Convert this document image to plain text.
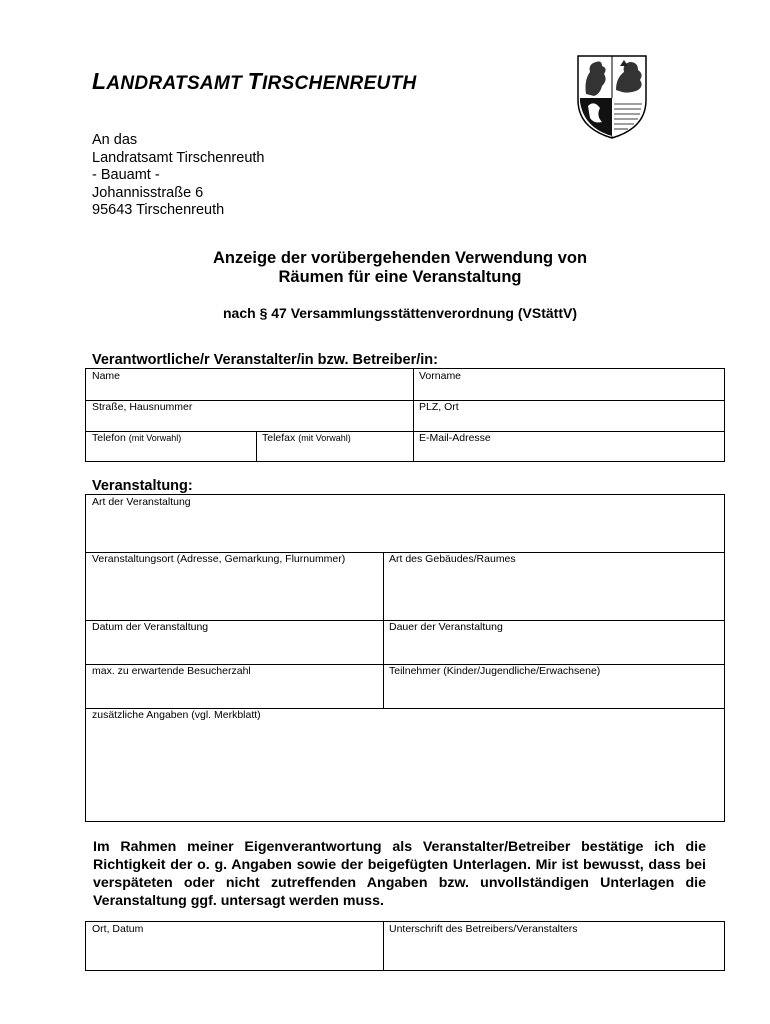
LANDRATSAMT TIRSCHENREUTH
An das
Landratsamt Tirschenreuth
- Bauamt -
Johannisstraße 6
95643 Tirschenreuth
Anzeige der vorübergehenden Verwendung von
Räumen für eine Veranstaltung
nach § 47 Versammlungsstättenverordnung (VStättV)
Verantwortliche/r Veranstalter/in bzw. Betreiber/in:
Name	Vorname
Straße, Hausnummer	PLZ, Ort
Telefon (mit Vorwahl)	Telefax (mit Vorwahl)	E-Mail-Adresse
Veranstaltung:
Art der Veranstaltung
Veranstaltungsort (Adresse, Gemarkung, Flurnummer)	Art des Gebäudes/Raumes
Datum der Veranstaltung	Dauer der Veranstaltung
max. zu erwartende Besucherzahl	Teilnehmer (Kinder/Jugendliche/Erwachsene)
zusätzliche Angaben (vgl. Merkblatt)
Im Rahmen meiner Eigenverantwortung als Veranstalter/Betreiber bestätige ich die Richtigkeit der o. g. Angaben sowie der beigefügten Unterlagen. Mir ist bewusst, dass bei verspäteten oder nicht zutreffenden Angaben bzw. unvollständigen Unterlagen die Veranstaltung ggf. untersagt werden muss.
Ort, Datum	Unterschrift des Betreibers/Veranstalters
